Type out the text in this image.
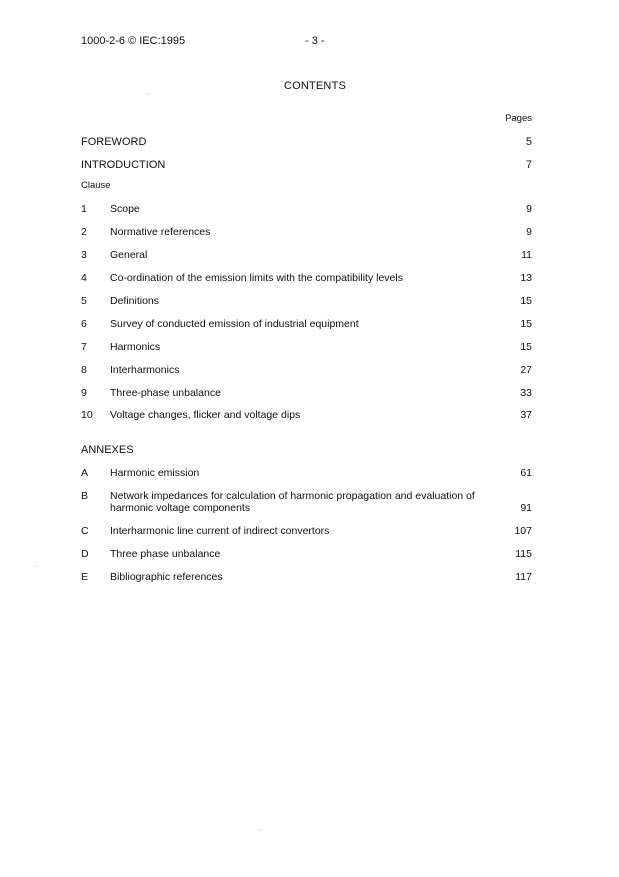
1000-2-6 © IEC:1995	- 3 -
CONTENTS
Pages
FOREWORD	5
INTRODUCTION	7
Clause
1 Scope	9
2 Normative references	9
3 General	11
4 Co-ordination of the emission limits with the compatibility levels	13
5 Definitions	15
6 Survey of conducted emission of industrial equipment	15
7 Harmonics	15
8 Interharmonics	27
9 Three-phase unbalance	33
10 Voltage changes, flicker and voltage dips	37
ANNEXES
A Harmonic emission	61
B Network impedances for calculation of harmonic propagation and evaluation of harmonic voltage components	91
C Interharmonic line current of indirect convertors	107
D Three phase unbalance	115
E Bibliographic references	117
